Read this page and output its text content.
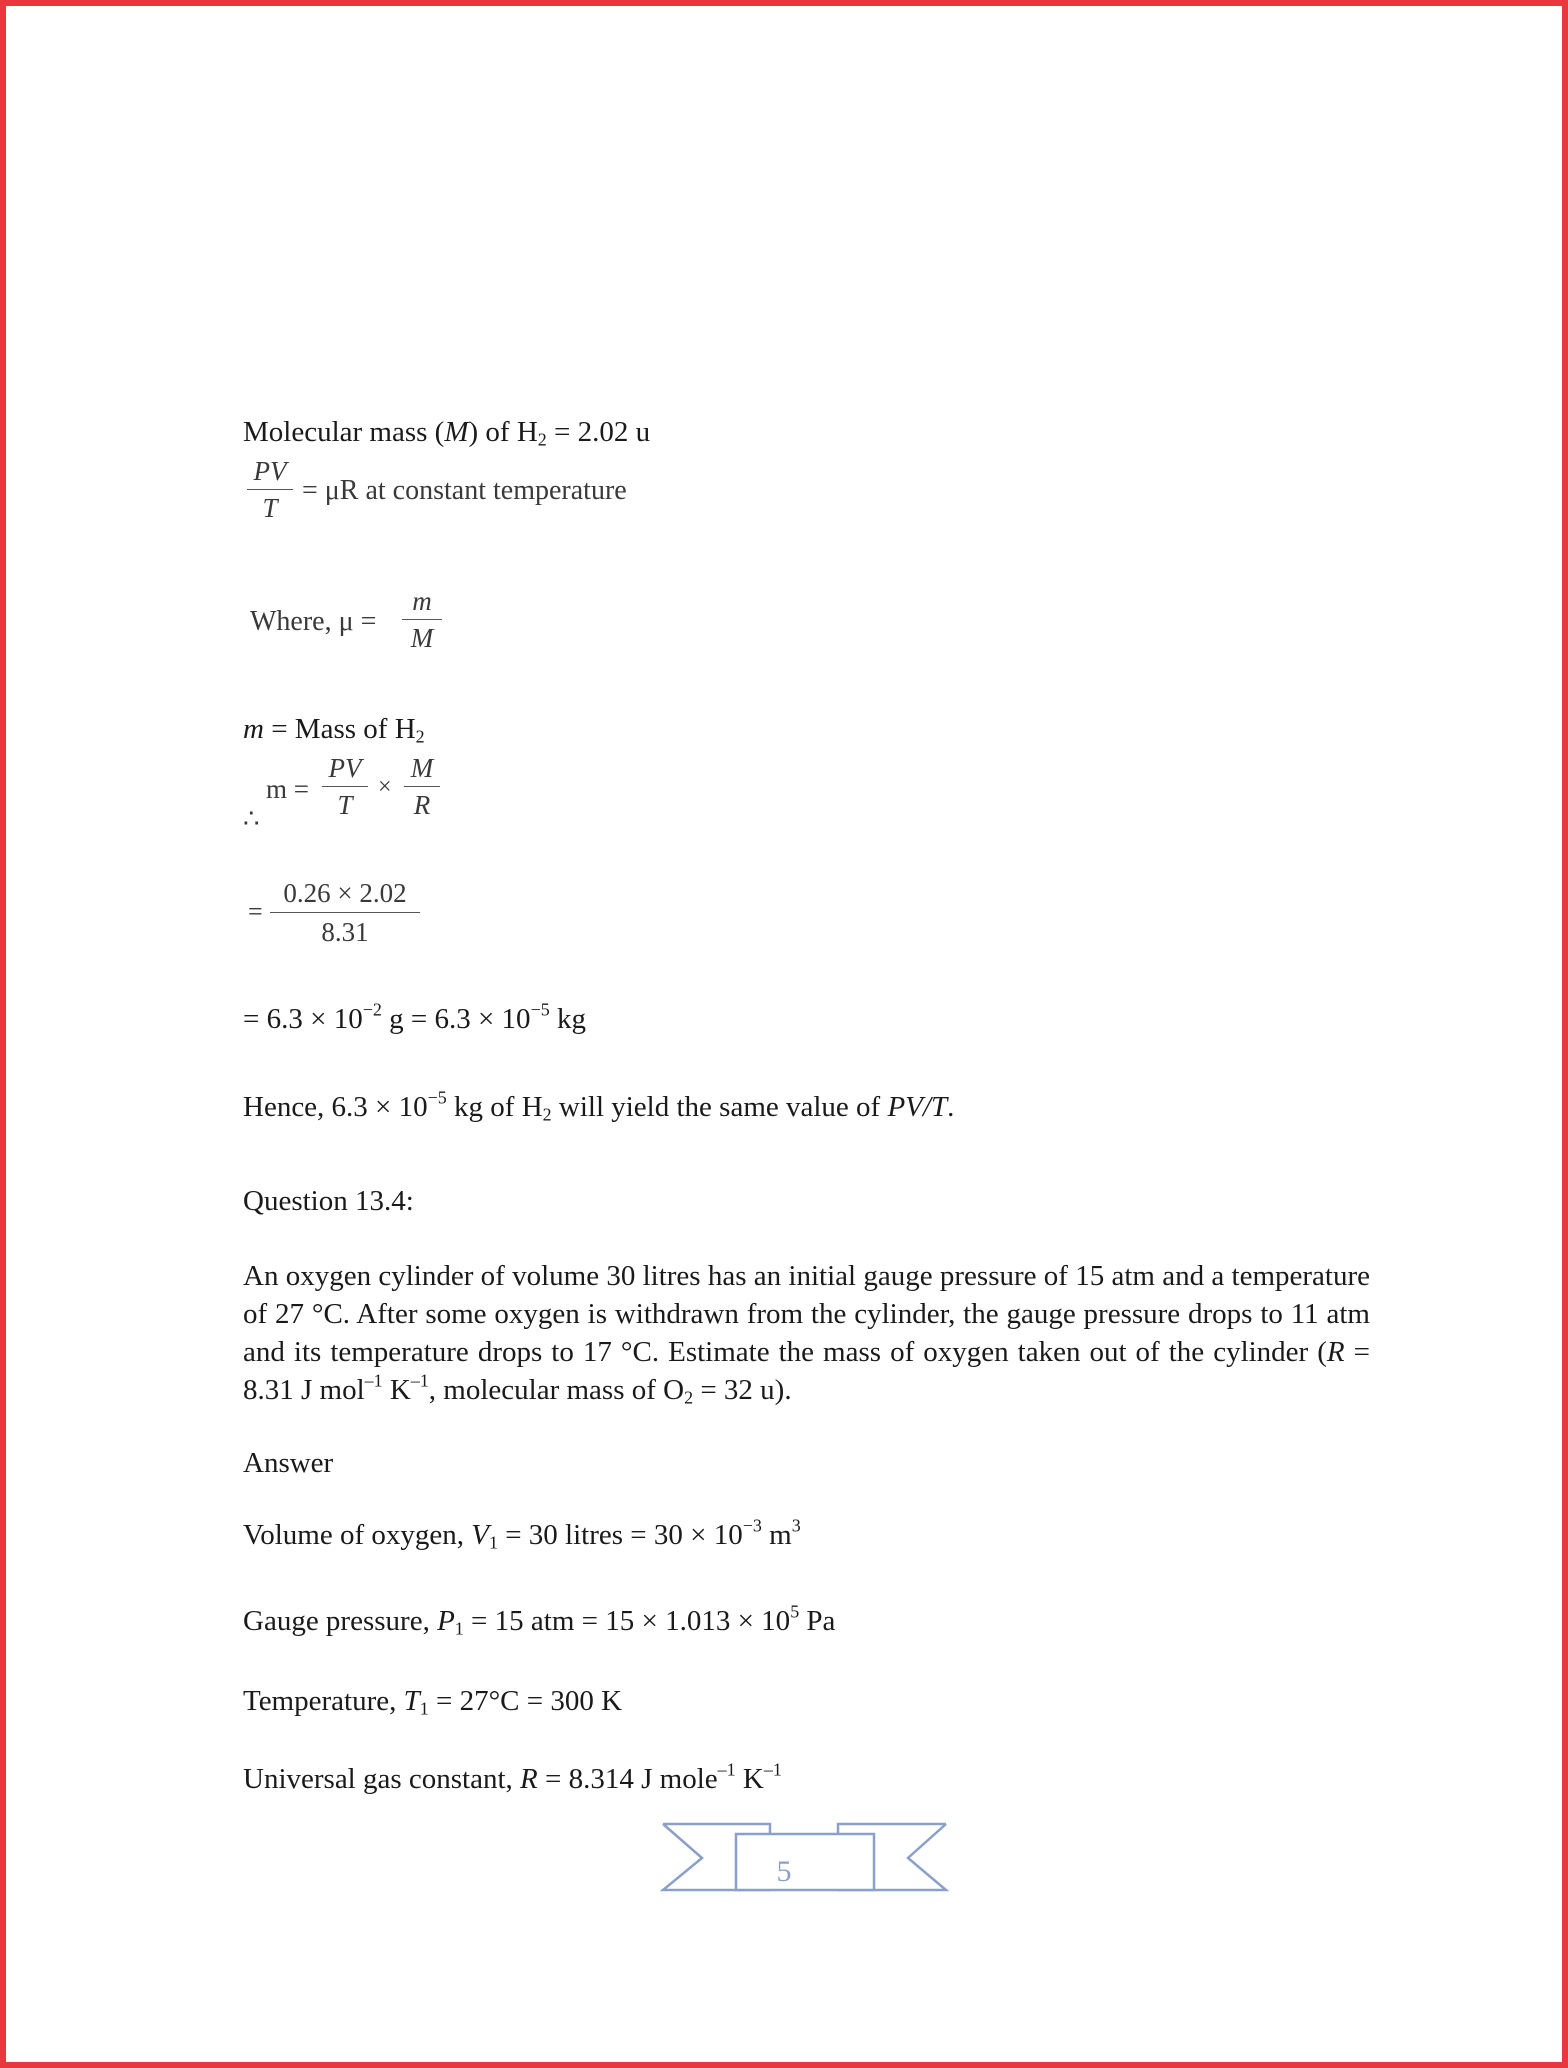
Molecular mass (M) of $H_2 = 2.02$ u
PV
T
= μR at constant temperature
Where, μ =
m
M
m = Mass of $H_2$
∴
m =
PV
T
×
M
R
=
0.26 × 2.02
8.31
= $6.3 \times 10^{-2}$ $g = 6.3 \times 10^{-5}$ kg
Hence, $6.3 \times 10^{-5}$ kg of $H_2$ will yield the same value of PV/T.
Question 13.4:
An oxygen cylinder of volume 30 litres has an initial gauge pressure of 15 atm and a temperature of 27 °C. After some oxygen is withdrawn from the cylinder, the gauge pressure drops to 11 atm and its temperature drops to 17 °C. Estimate the mass of oxygen taken out of the cylinder (R = 8.31 J mol$^{-1}$ $K^{-1}$, molecular mass of $O_2 = 32$ u).
Answer
Volume of oxygen, $V_1 = 30$ litres = $30 \times 10^{-3}$ $m^3$
Gauge pressure, $P_1 = 15$ atm = $15 \times 1.013 \times 10^5$ Pa
Temperature, $T_1 = 27^\circ C = 300$ K
Universal gas constant, R = 8.314 J mole$^{-1}$ $K^{-1}$
5
